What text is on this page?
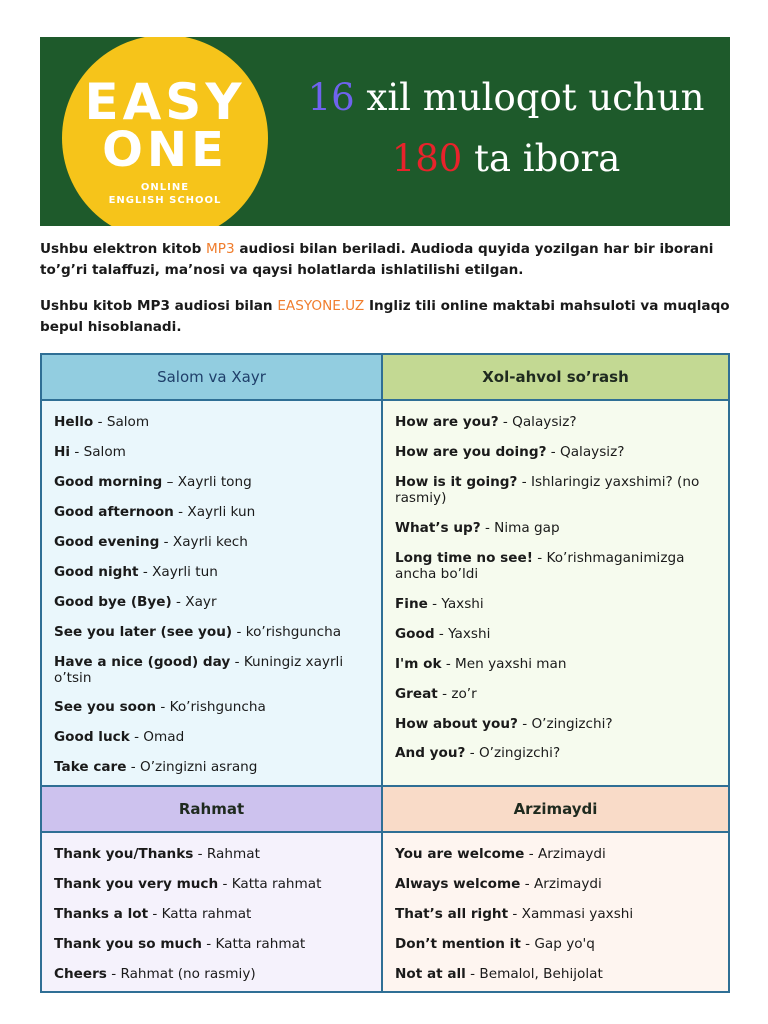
EASY
ONE
ONLINE
ENGLISH SCHOOL
16 xil muloqot uchun
180 ta ibora
Ushbu elektron kitob MP3 audiosi bilan beriladi. Audioda quyida yozilgan har bir iborani to’g’ri talaffuzi, ma’nosi va qaysi holatlarda ishlatilishi etilgan.
Ushbu kitob MP3 audiosi bilan EASYONE.UZ Ingliz tili online maktabi mahsuloti va muqlaqo bepul hisoblanadi.
Salom va Xayr	Xol-ahvol so’rash
Rahmat	Arzimaydi
Hello - Salom
Hi - Salom
Good morning – Xayrli tong
Good afternoon - Xayrli kun
Good evening - Xayrli kech
Good night - Xayrli tun
Good bye (Bye) - Xayr
See you later (see you) - ko’rishguncha
Have a nice (good) day - Kuningiz xayrli o’tsin
See you soon - Ko’rishguncha
Good luck - Omad
Take care - O’zingizni asrang
How are you? - Qalaysiz?
How are you doing? - Qalaysiz?
How is it going? - Ishlaringiz yaxshimi? (no rasmiy)
What’s up? - Nima gap
Long time no see! - Ko’rishmaganimizga ancha bo’ldi
Fine - Yaxshi
Good - Yaxshi
I'm ok - Men yaxshi man
Great - zo’r
How about you? - O’zingizchi?
And you? - O’zingizchi?
Thank you/Thanks - Rahmat
Thank you very much - Katta rahmat
Thanks a lot - Katta rahmat
Thank you so much - Katta rahmat
Cheers - Rahmat (no rasmiy)
You are welcome - Arzimaydi
Always welcome - Arzimaydi
That’s all right - Xammasi yaxshi
Don’t mention it - Gap yo'q
Not at all - Bemalol, Behijolat
